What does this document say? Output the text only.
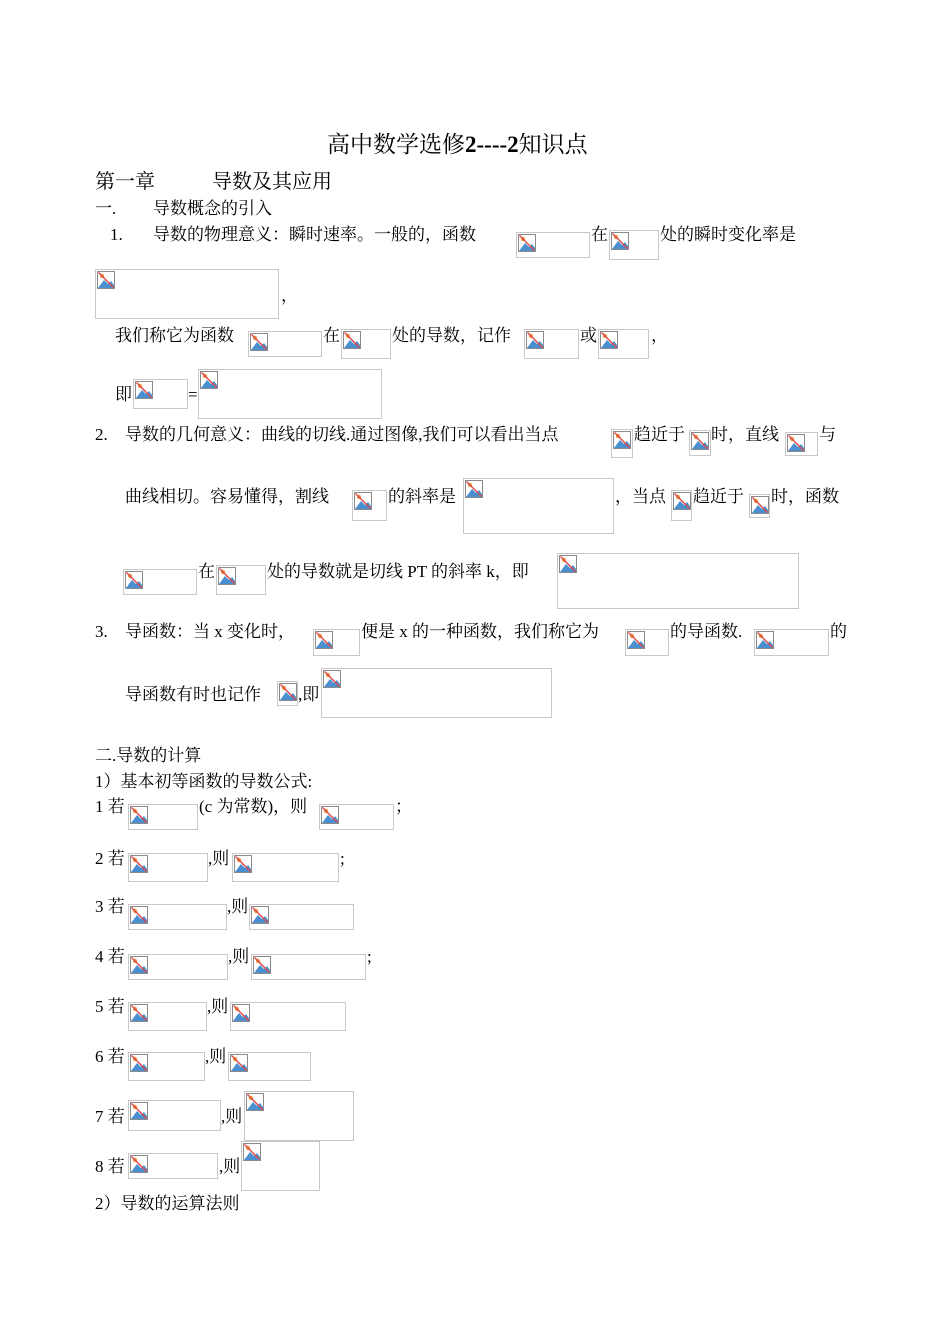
高中数学选修2----2知识点
第一章	导数及其应用
一. 导数概念的引入
1. 导数的物理意义：瞬时速率。一般的，函数	在	处的瞬时变化率是
，
我们称它为函数	在	处的导数，记作	或	，
即	=
2. 导数的几何意义：曲线的切线.通过图像,我们可以看出当点	趋近于 时，直线 与
曲线相切。容易懂得，割线	的斜率是	，当点 趋近于 时，函数
在	处的导数就是切线 PT 的斜率 k，即
3. 导函数：当 x 变化时，	便是 x 的一种函数，我们称它为	的导函数.	的
导函数有时也记作 ,即
二.导数的计算
1）基本初等函数的导数公式:
1 若	(c 为常数)，则	；
2 若	,则	;
3 若	,则
4 若	,则	;
5 若	,则
6 若	,则
7 若	,则
8 若	,则
2）导数的运算法则
